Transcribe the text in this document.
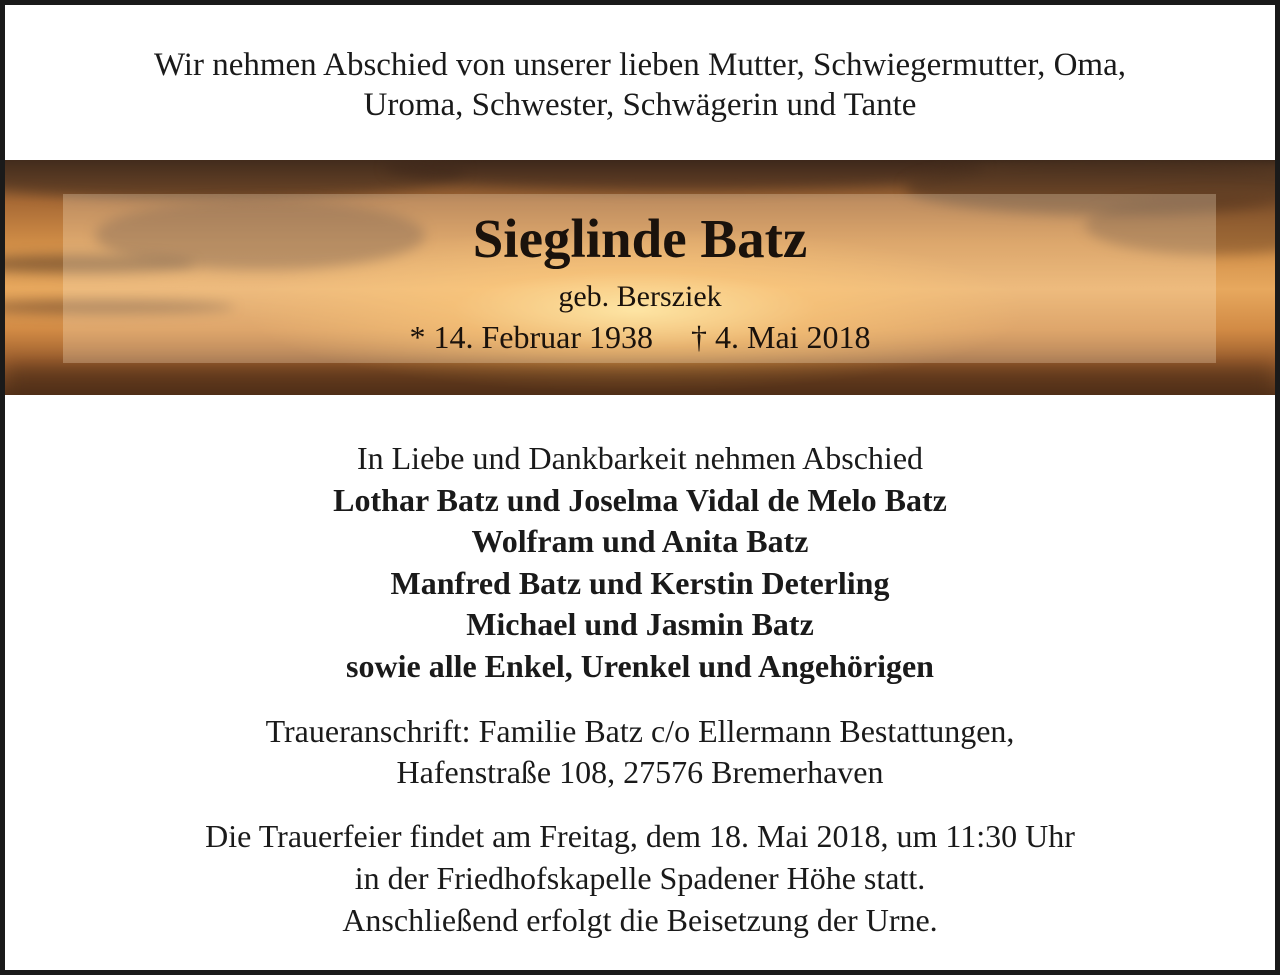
Wir nehmen Abschied von unserer lieben Mutter, Schwiegermutter, Oma,
Uroma, Schwester, Schwägerin und Tante
Sieglinde Batz
geb. Bersziek
* 14. Februar 1938 † 4. Mai 2018
In Liebe und Dankbarkeit nehmen Abschied
Lothar Batz und Joselma Vidal de Melo Batz
Wolfram und Anita Batz
Manfred Batz und Kerstin Deterling
Michael und Jasmin Batz
sowie alle Enkel, Urenkel und Angehörigen
Traueranschrift: Familie Batz c/o Ellermann Bestattungen,
Hafenstraße 108, 27576 Bremerhaven
Die Trauerfeier findet am Freitag, dem 18. Mai 2018, um 11:30 Uhr
in der Friedhofskapelle Spadener Höhe statt.
Anschließend erfolgt die Beisetzung der Urne.
